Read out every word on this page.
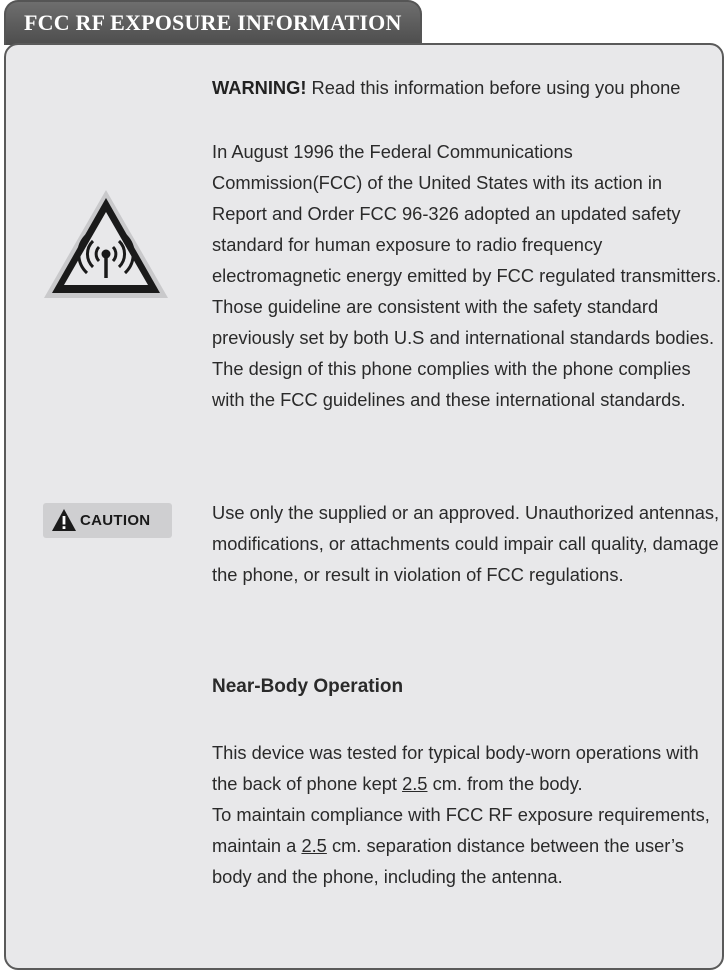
FCC RF EXPOSURE INFORMATION
WARNING! Read this information before using you phone
In August 1996 the Federal Communications Commission(FCC) of the United States with its action in Report and Order FCC 96-326 adopted an updated safety standard for human exposure to radio frequency electromagnetic energy emitted by FCC regulated transmitters. Those guideline are consistent with the safety standard previously set by both U.S and international standards bodies. The design of this phone complies with the phone complies with the FCC guidelines and these international standards.
CAUTION	Use only the supplied or an approved. Unauthorized antennas, modifications, or attachments could impair call quality, damage the phone, or result in violation of FCC regulations.
Near-Body Operation
This device was tested for typical body-worn operations with the back of phone kept 2.5 cm. from the body.
To maintain compliance with FCC RF exposure requirements, maintain a 2.5 cm. separation distance between the user’s body and the phone, including the antenna.
